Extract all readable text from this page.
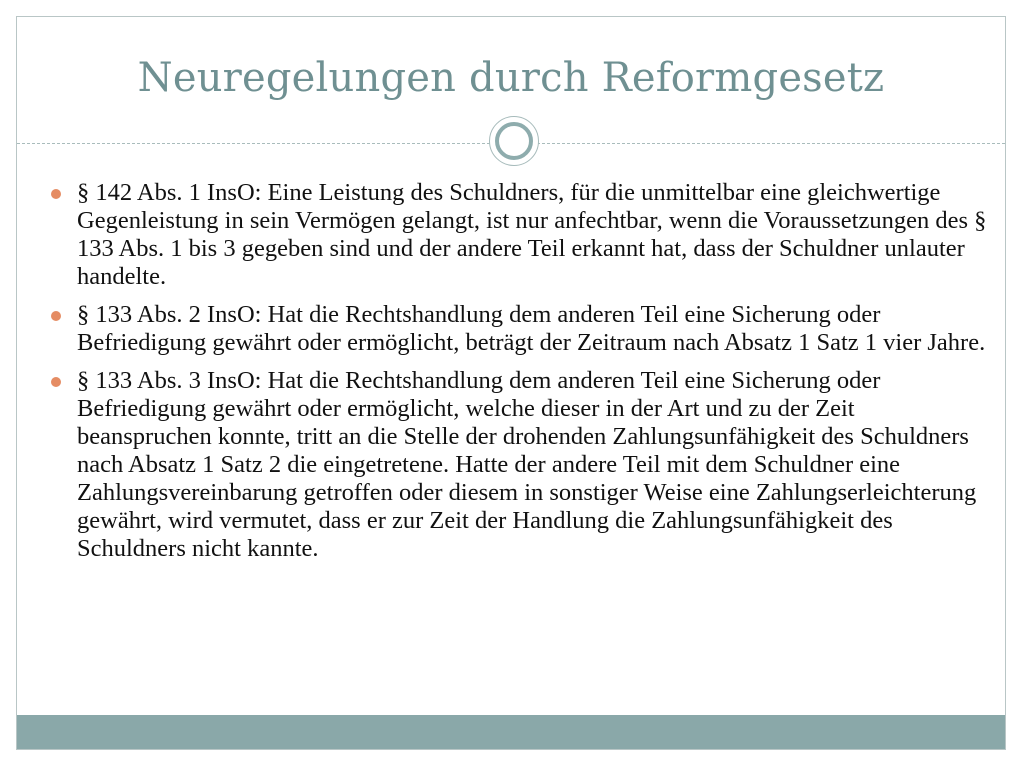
Neuregelungen durch Reformgesetz
§ 142 Abs. 1 InsO: Eine Leistung des Schuldners, für die unmittelbar eine gleichwertige Gegenleistung in sein Vermögen gelangt, ist nur anfechtbar, wenn die Voraussetzungen des § 133 Abs. 1 bis 3 gegeben sind und der andere Teil erkannt hat, dass der Schuldner unlauter handelte.
§ 133 Abs. 2 InsO: Hat die Rechtshandlung dem anderen Teil eine Sicherung oder Befriedigung gewährt oder ermöglicht, beträgt der Zeitraum nach Absatz 1 Satz 1 vier Jahre.
§ 133 Abs. 3 InsO: Hat die Rechtshandlung dem anderen Teil eine Sicherung oder Befriedigung gewährt oder ermöglicht, welche dieser in der Art und zu der Zeit beanspruchen konnte, tritt an die Stelle der drohenden Zahlungsunfähigkeit des Schuldners nach Absatz 1 Satz 2 die eingetretene. Hatte der andere Teil mit dem Schuldner eine Zahlungsvereinbarung getroffen oder diesem in sonstiger Weise eine Zahlungserleichterung gewährt, wird vermutet, dass er zur Zeit der Handlung die Zahlungsunfähigkeit des Schuldners nicht kannte.
